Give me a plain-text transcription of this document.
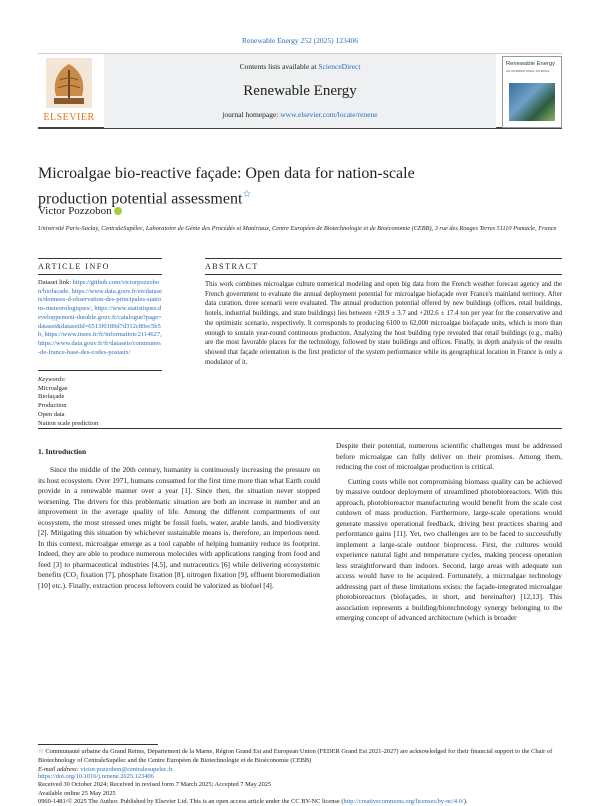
Renewable Energy 252 (2025) 123406
ELSEVIER
Contents lists available at ScienceDirect
Renewable Energy
journal homepage: www.elsevier.com/locate/renene
Renewable Energy
AN INTERNATIONAL JOURNAL
Microalgae bio-reactive façade: Open data for nation-scale production potential assessment☆
Victor Pozzobon
Université Paris-Saclay, CentraleSupélec, Laboratoire de Génie des Procédés et Matériaux, Centre Européen de Biotechnologie et de Bioéconomie (CEBB), 3 rue des Rouges Terres 51110 Pomacle, France
ARTICLE INFO	ABSTRACT
Dataset link: https://github.com/victorpozzobon/biofacade, https://www.data.gouv.fr/en/datasets/donnees-d-observation-des-principales-stations-meteorologiques/, https://www.statistiques.developpement-durable.gouv.fr/catalogue?page=dataset&datasetId=6513f0189d7d312c80ec5b5b, https://www.insee.fr/fr/information/2114627, https://www.data.gouv.fr/fr/datasets/communes-de-france-base-des-codes-postaux/
Keywords:
Microalgae
Biofaçade
Production
Open data
Nation scale prediction
This work combines microalgae culture numerical modeling and open big data from the French weather forecast agency and the French government to evaluate the annual deployment potential for microalgae biofaçade over France's mainland territory. After data curation, three scenarii were evaluated. The annual production potential offered by new buildings (offices, retail buildings, hotels, industrial buildings, and state buildings) lies between +28.9 ± 3.7 and +202.6 ± 17.4 ton per year for the conservative and the optimistic scenario, respectively. It corresponds to producing 6100 to 62,000 microalgae biofaçade units, which is more than enough to sustain year-round continuous production. Analyzing the host building type revealed that retail buildings (e.g., malls) are the most favorable places for the technology, followed by state buildings and offices. Finally, in depth analysis of the results showed that façade orientation is the first predictor of the system performance while its geographical location in France is only a modulator of it.
1. Introduction
Since the middle of the 20th century, humanity is continuously increasing the pressure on its host ecosystem. Over 1971, humans consumed for the first time more than what Earth could provide in a renewable manner over a year [1]. Since then, the situation never stopped worsening. The drivers for this problematic situation are both an increase in number and an improvement in the average quality of life. Among the different compartments of our ecosystem, the most stressed ones might be fossil fuels, water, arable lands, and biodiversity [2]. Mitigating this situation by whichever sustainable means is, therefore, an imperious need. In this context, microalgae emerge as a tool capable of helping humanity reduce its footprint. Indeed, they are able to produce numerous molecules with applications ranging from food and feed [3] to pharmaceutical industries [4,5], and nutraceutics [6] while delivering ecosystemic benefits (CO₂ fixation [7], phosphate fixation [8], nitrogen fixation [9], effluent bioremediation [10] etc.). Finally, extraction process leftovers could be valorized as biofuel [4].
Despite their potential, numerous scientific challenges must be addressed before microalgae can fully deliver on their promises. Among them, reducing the cost of microalgae production is critical.
Cutting costs while not compromising biomass quality can be achieved by massive outdoor deployment of streamlined photobioreactors. With this approach, photobioreactor manufacturing would benefit from the scale cost cutdown of mass production. Furthermore, large-scale operations would generate massive operational feedback, driving best practices sharing and performance gains [11]. Yet, two challenges are to be faced to successfully implement a large-scale outdoor bioprocess. First, the cultures would experience natural light and temperature cycles, making process operation less straightforward than indoors. Second, large areas with adequate sun access would have to be acquired. Fortunately, a microalgae technology addressing part of these limitations exists: the façade-integrated microalgae photobioreactors (biofaçades, in short, and hereinafter) [12,13]. This association represents a building/biotechnology synergy belonging to the emerging concept of advanced architecture (which is broader
☆ Communauté urbaine du Grand Reims, Département de la Marne, Région Grand Est and European Union (FEDER Grand Est 2021-2027) are acknowledged for their financial support to the Chair of Biotechnology of CentraleSupélec and the Centre Européen de Biotechnologie et de Bioéconomie (CEBB)
E-mail address: victor.pozzobon@centralesupelec.fr.
https://doi.org/10.1016/j.renene.2025.123406
Received 30 October 2024; Received in revised form 7 March 2025; Accepted 7 May 2025
Available online 25 May 2025
0960-1481/© 2025 The Author. Published by Elsevier Ltd. This is an open access article under the CC BY-NC license (http://creativecommons.org/licenses/by-nc/4.0/).
